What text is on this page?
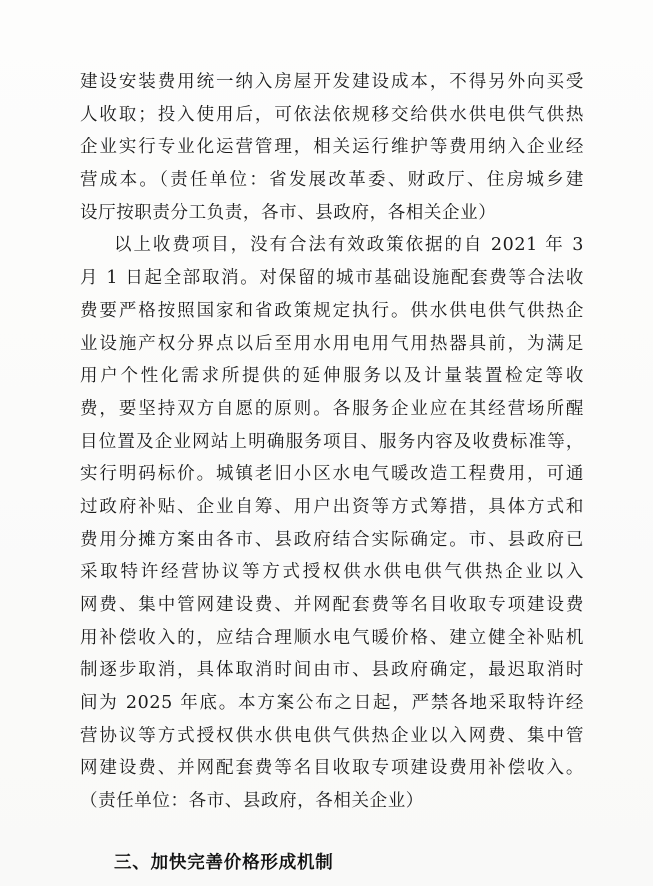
建设安装费用统一纳入房屋开发建设成本，不得另外向买受
人收取；投入使用后，可依法依规移交给供水供电供气供热
企业实行专业化运营管理，相关运行维护等费用纳入企业经
营成本。（责任单位：省发展改革委、财政厅、住房城乡建
设厅按职责分工负责，各市、县政府，各相关企业）
以上收费项目，没有合法有效政策依据的自 2021 年 3
月 1 日起全部取消。对保留的城市基础设施配套费等合法收
费要严格按照国家和省政策规定执行。供水供电供气供热企
业设施产权分界点以后至用水用电用气用热器具前，为满足
用户个性化需求所提供的延伸服务以及计量装置检定等收
费，要坚持双方自愿的原则。各服务企业应在其经营场所醒
目位置及企业网站上明确服务项目、服务内容及收费标准等，
实行明码标价。城镇老旧小区水电气暖改造工程费用，可通
过政府补贴、企业自筹、用户出资等方式筹措，具体方式和
费用分摊方案由各市、县政府结合实际确定。市、县政府已
采取特许经营协议等方式授权供水供电供气供热企业以入
网费、集中管网建设费、并网配套费等名目收取专项建设费
用补偿收入的，应结合理顺水电气暖价格、建立健全补贴机
制逐步取消，具体取消时间由市、县政府确定，最迟取消时
间为 2025 年底。本方案公布之日起，严禁各地采取特许经
营协议等方式授权供水供电供气供热企业以入网费、集中管
网建设费、并网配套费等名目收取专项建设费用补偿收入。
（责任单位：各市、县政府，各相关企业）
三、加快完善价格形成机制
